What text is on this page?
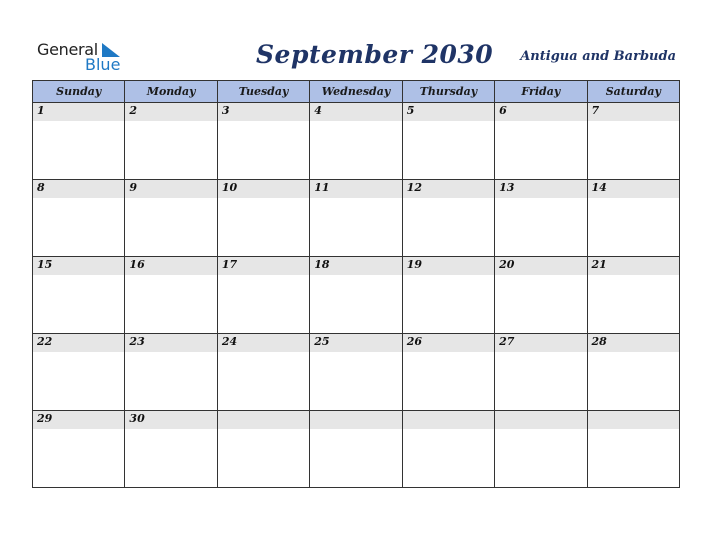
General
Blue	September 2030 Antigua and Barbuda
Sunday	Monday	Tuesday	Wednesday	Thursday	Friday	Saturday

1	2	3	4	5	6	7

8	9	10	11	12	13	14

15	16	17	18	19	20	21

22	23	24	25	26	27	28

29	30					
